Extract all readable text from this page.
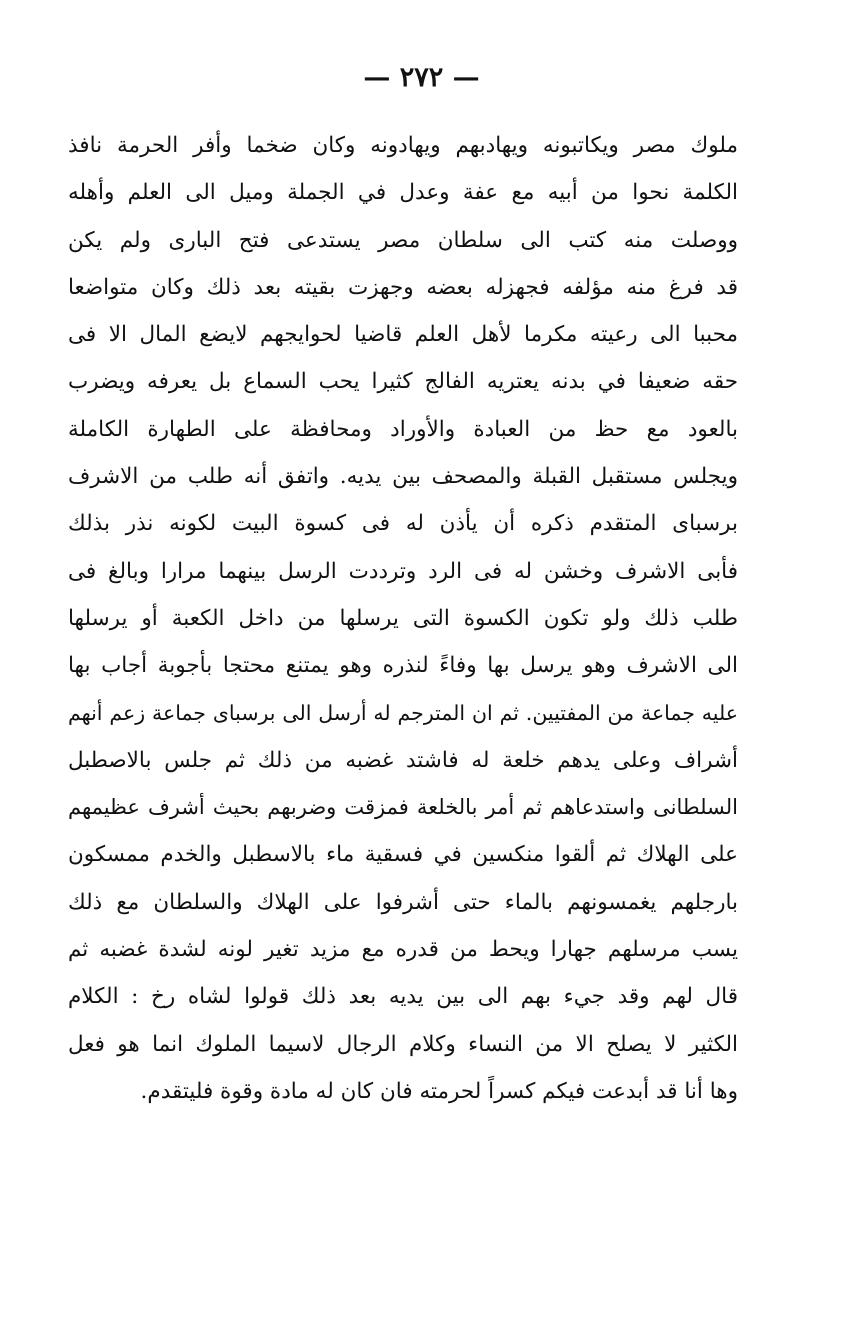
— ٢٧٢ —
ملوك مصر ويكاتبونه ويهادبهم ويهادونه وكان ضخما وأفر الحرمة نافذ
الكلمة نحوا من أبيه مع عفة وعدل في الجملة وميل الى العلم وأهله
ووصلت منه كتب الى سلطان مصر يستدعى فتح البارى ولم يكن
قد فرغ منه مؤلفه فجهزله بعضه وجهزت بقيته بعد ذلك وكان متواضعا
محببا الى رعيته مكرما لأهل العلم قاضيا لحوايجهم لايضع المال الا فى
حقه ضعيفا في بدنه يعتريه الفالج كثيرا يحب السماع بل يعرفه ويضرب
بالعود مع حظ من العبادة والأوراد ومحافظة على الطهارة الكاملة
ويجلس مستقبل القبلة والمصحف بين يديه. واتفق أنه طلب من الاشرف
برسباى المتقدم ذكره أن يأذن له فى كسوة البيت لكونه نذر بذلك
فأبى الاشرف وخشن له فى الرد وترددت الرسل بينهما مرارا وبالغ فى
طلب ذلك ولو تكون الكسوة التى يرسلها من داخل الكعبة أو يرسلها
الى الاشرف وهو يرسل بها وفاءً لنذره وهو يمتنع محتجا بأجوبة أجاب بها
عليه جماعة من المفتيين. ثم ان المترجم له أرسل الى برسباى جماعة زعم أنهم
أشراف وعلى يدهم خلعة له فاشتد غضبه من ذلك ثم جلس بالاصطبل
السلطانى واستدعاهم ثم أمر بالخلعة فمزقت وضربهم بحيث أشرف عظيمهم
على الهلاك ثم ألقوا منكسين في فسقية ماء بالاسطبل والخدم ممسكون
بارجلهم يغمسونهم بالماء حتى أشرفوا على الهلاك والسلطان مع ذلك
يسب مرسلهم جهارا ويحط من قدره مع مزيد تغير لونه لشدة غضبه ثم
قال لهم وقد جيء بهم الى بين يديه بعد ذلك قولوا لشاه رخ : الكلام
الكثير لا يصلح الا من النساء وكلام الرجال لاسيما الملوك انما هو فعل
وها أنا قد أبدعت فيكم كسراً لحرمته فان كان له مادة وقوة فليتقدم.
